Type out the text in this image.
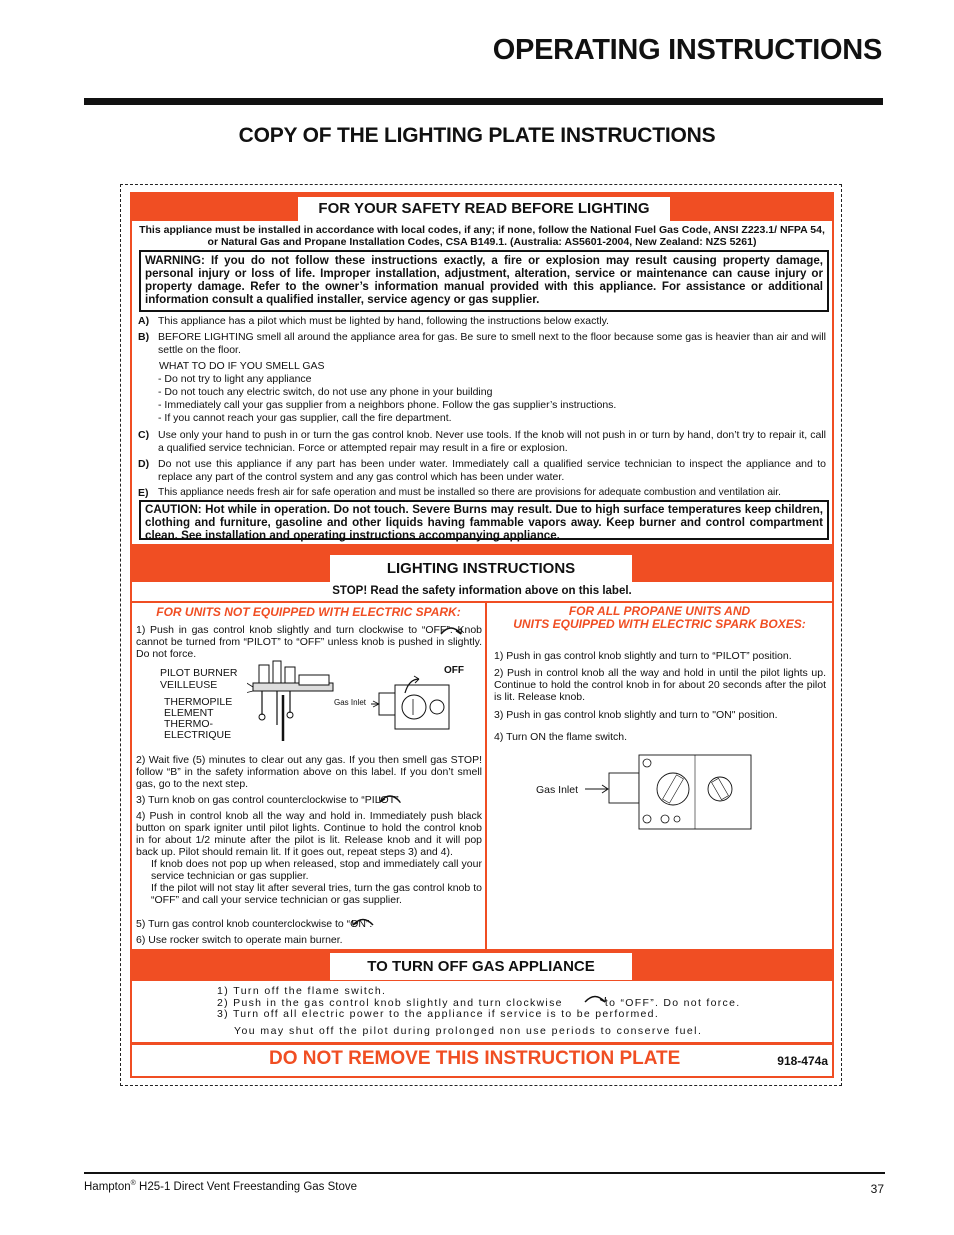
OPERATING INSTRUCTIONS
COPY OF THE LIGHTING PLATE INSTRUCTIONS
FOR YOUR SAFETY READ BEFORE LIGHTING
This appliance must be installed in accordance with local codes, if any; if none, follow the National Fuel Gas Code, ANSI Z223.1/ NFPA 54, or Natural Gas and Propane Installation Codes, CSA B149.1. (Australia: AS5601-2004, New Zealand: NZS 5261)
WARNING: If you do not follow these instructions exactly, a fire or explosion may result causing property damage, personal injury or loss of life. Improper installation, adjustment, alteration, service or maintenance can cause injury or property damage. Refer to the owner’s information manual provided with this appliance. For assistance or additional information consult a qualified installer, service agency or gas supplier.
A) This appliance has a pilot which must be lighted by hand, following the instructions below exactly.
B) BEFORE LIGHTING smell all around the appliance area for gas. Be sure to smell next to the floor because some gas is heavier than air and will settle on the floor.
WHAT TO DO IF YOU SMELL GAS
- Do not try to light any appliance
- Do not touch any electric switch, do not use any phone in your building
- Immediately call your gas supplier from a neighbors phone. Follow the gas supplier’s instructions.
- If you cannot reach your gas supplier, call the fire department.
C) Use only your hand to push in or turn the gas control knob. Never use tools. If the knob will not push in or turn by hand, don’t try to repair it, call a qualified service technician. Force or attempted repair may result in a fire or explosion.
D) Do not use this appliance if any part has been under water. Immediately call a qualified service technician to inspect the appliance and to replace any part of the control system and any gas control which has been under water.
E) This appliance needs fresh air for safe operation and must be installed so there are provisions for adequate combustion and ventilation air.
CAUTION: Hot while in operation. Do not touch. Severe Burns may result. Due to high surface temperatures keep children, clothing and furniture, gasoline and other liquids having fammable vapors away. Keep burner and control compartment clean. See installation and operating instructions accompanying appliance.
LIGHTING INSTRUCTIONS
STOP! Read the safety information above on this label.
FOR UNITS NOT EQUIPPED WITH ELECTRIC SPARK:
1) Push in gas control knob slightly and turn clockwise to “OFF”. Knob cannot be turned from “PILOT” to “OFF” unless knob is pushed in slightly. Do not force.
PILOT BURNER
VEILLEUSE
THERMOPILE
ELEMENT
THERMO-
ELECTRIQUE
Gas Inlet
OFF
2) Wait five (5) minutes to clear out any gas. If you then smell gas STOP! follow “B” in the safety information above on this label. If you don’t smell gas, go to the next step.
3) Turn knob on gas control counterclockwise to “PILOT”.
4) Push in control knob all the way and hold in. Immediately push black button on spark igniter until pilot lights. Continue to hold the control knob in for about 1/2 minute after the pilot is lit. Release knob and it will pop back up. Pilot should remain lit. If it goes out, repeat steps 3) and 4).
If knob does not pop up when released, stop and immediately call your service technician or gas supplier.
If the pilot will not stay lit after several tries, turn the gas control knob to “OFF” and call your service technician or gas supplier.
5) Turn gas control knob counterclockwise to “ON”.
6) Use rocker switch to operate main burner.
FOR ALL PROPANE UNITS AND
UNITS EQUIPPED WITH ELECTRIC SPARK BOXES:
1) Push in gas control knob slightly and turn to “PILOT” position.
2) Push in control knob all the way and hold in until the pilot lights up. Continue to hold the control knob in for about 20 seconds after the pilot is lit. Release knob.
3) Push in gas control knob slightly and turn to "ON" position.
4) Turn ON the flame switch.
Gas Inlet
TO TURN OFF GAS APPLIANCE
1) Turn off the flame switch.
2) Push in the gas control knob slightly and turn clockwise          to “OFF”. Do not force.
3) Turn off all electric power to the appliance if service is to be performed.
You may shut off the pilot during prolonged non use periods to conserve fuel.
DO NOT REMOVE THIS INSTRUCTION PLATE	918-474a
Hampton® H25-1 Direct Vent Freestanding Gas Stove	37
